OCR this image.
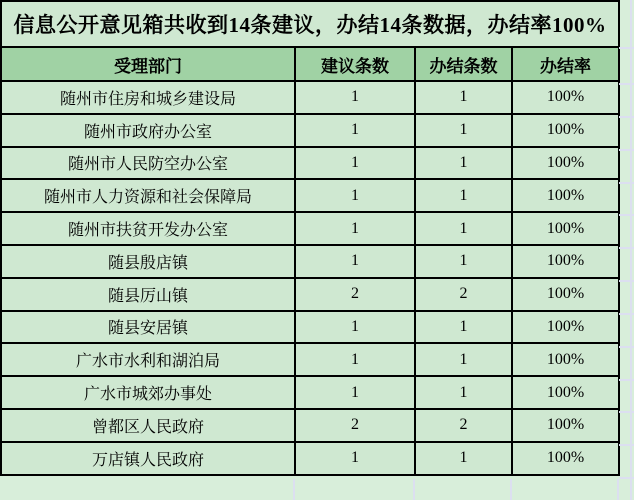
信息公开意见箱共收到14条建议，办结14条数据，办结率100%			
受理部门	建议条数	办结条数	办结率
随州市住房和城乡建设局	1	1	100%
随州市政府办公室	1	1	100%
随州市人民防空办公室	1	1	100%
随州市人力资源和社会保障局	1	1	100%
随州市扶贫开发办公室	1	1	100%
随县殷店镇	1	1	100%
随县厉山镇	2	2	100%
随县安居镇	1	1	100%
广水市水利和湖泊局	1	1	100%
广水市城郊办事处	1	1	100%
曾都区人民政府	2	2	100%
万店镇人民政府	1	1	100%
